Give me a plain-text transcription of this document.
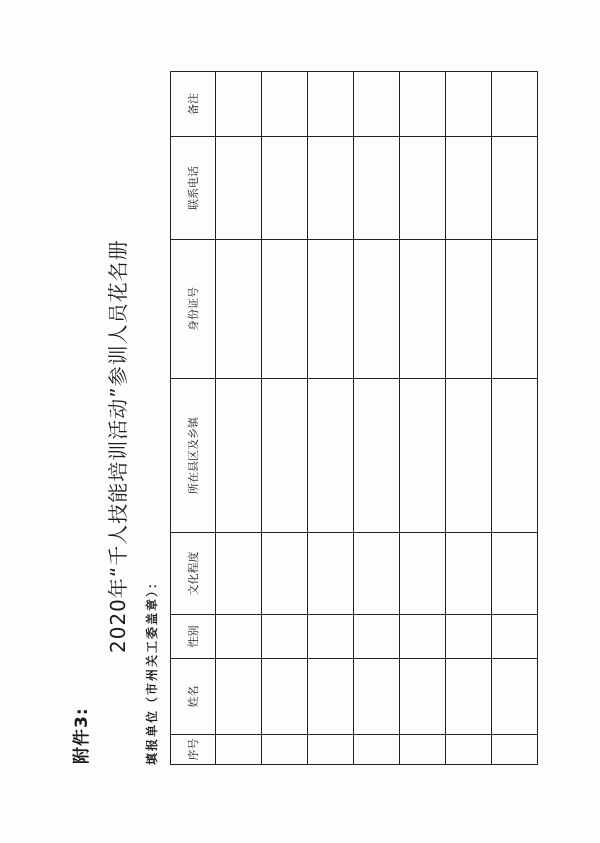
附件3:
2020年“千人技能培训活动”参训人员花名册
填报单位（市州关工委盖章）：	序号	姓名	性别	文化程度	所在县区及乡镇	身份证号	联系电话	备注
